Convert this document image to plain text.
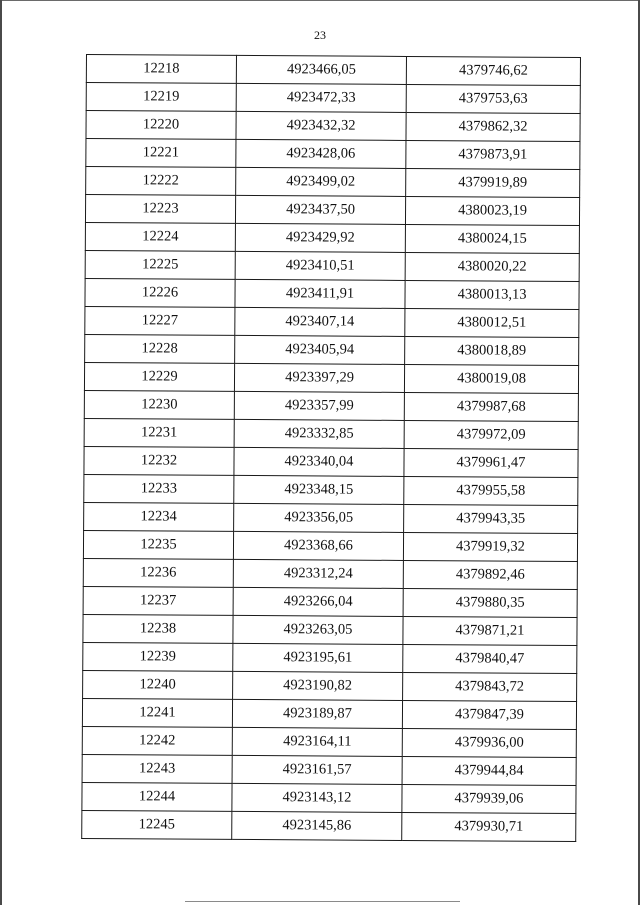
23
12218	4923466,05	4379746,62
12219	4923472,33	4379753,63
12220	4923432,32	4379862,32
12221	4923428,06	4379873,91
12222	4923499,02	4379919,89
12223	4923437,50	4380023,19
12224	4923429,92	4380024,15
12225	4923410,51	4380020,22
12226	4923411,91	4380013,13
12227	4923407,14	4380012,51
12228	4923405,94	4380018,89
12229	4923397,29	4380019,08
12230	4923357,99	4379987,68
12231	4923332,85	4379972,09
12232	4923340,04	4379961,47
12233	4923348,15	4379955,58
12234	4923356,05	4379943,35
12235	4923368,66	4379919,32
12236	4923312,24	4379892,46
12237	4923266,04	4379880,35
12238	4923263,05	4379871,21
12239	4923195,61	4379840,47
12240	4923190,82	4379843,72
12241	4923189,87	4379847,39
12242	4923164,11	4379936,00
12243	4923161,57	4379944,84
12244	4923143,12	4379939,06
12245	4923145,86	4379930,71
